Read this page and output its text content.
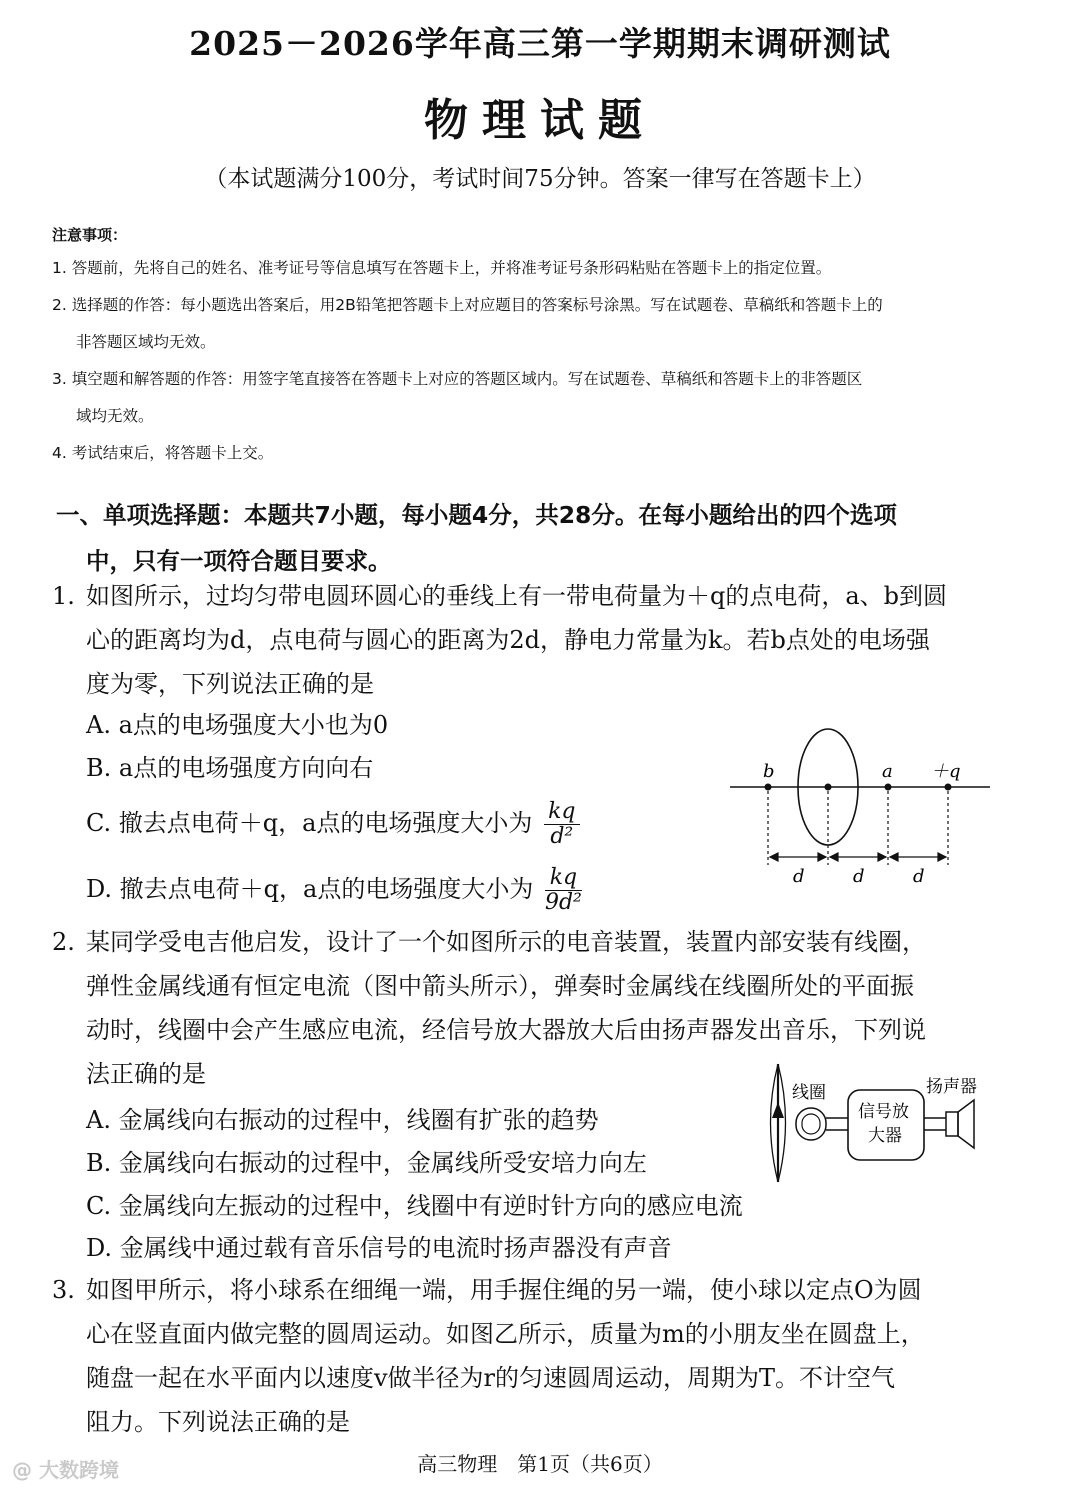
2025－2026学年高三第一学期期末调研测试
物理试题
（本试题满分100分，考试时间75分钟。答案一律写在答题卡上）
注意事项：
1. 答题前，先将自己的姓名、准考证号等信息填写在答题卡上，并将准考证号条形码粘贴在答题卡上的指定位置。
2. 选择题的作答：每小题选出答案后，用2B铅笔把答题卡上对应题目的答案标号涂黑。写在试题卷、草稿纸和答题卡上的
非答题区域均无效。
3. 填空题和解答题的作答：用签字笔直接答在答题卡上对应的答题区域内。写在试题卷、草稿纸和答题卡上的非答题区
域均无效。
4. 考试结束后，将答题卡上交。
一、单项选择题：本题共7小题，每小题4分，共28分。在每小题给出的四个选项
中，只有一项符合题目要求。
1. 如图所示，过均匀带电圆环圆心的垂线上有一带电荷量为＋q的点电荷，a、b到圆
心的距离均为d，点电荷与圆心的距离为2d，静电力常量为k。若b点处的电场强
度为零，下列说法正确的是
A. a点的电场强度大小也为0
B. a点的电场强度方向向右
C. 撤去点电荷＋q，a点的电场强度大小为 $\frac{kq}{\text{d²}}$
D. 撤去点电荷＋q，a点的电场强度大小为 $\frac{kq}{\text{9d²}}$
b	a ＋q
d	d	d
2. 某同学受电吉他启发，设计了一个如图所示的电音装置，装置内部安装有线圈，
弹性金属线通有恒定电流（图中箭头所示），弹奏时金属线在线圈所处的平面振
动时，线圈中会产生感应电流，经信号放大器放大后由扬声器发出音乐，下列说
法正确的是
A. 金属线向右振动的过程中，线圈有扩张的趋势
B. 金属线向右振动的过程中，金属线所受安培力向左
C. 金属线向左振动的过程中，线圈中有逆时针方向的感应电流
D. 金属线中通过载有音乐信号的电流时扬声器没有声音
线圈
信号放
大器
扬声器
3. 如图甲所示，将小球系在细绳一端，用手握住绳的另一端，使小球以定点O为圆
心在竖直面内做完整的圆周运动。如图乙所示，质量为m的小朋友坐在圆盘上，
随盘一起在水平面内以速度v做半径为r的匀速圆周运动，周期为T。不计空气
阻力。下列说法正确的是
高三物理　第1页（共6页）
@ 大数跨境
